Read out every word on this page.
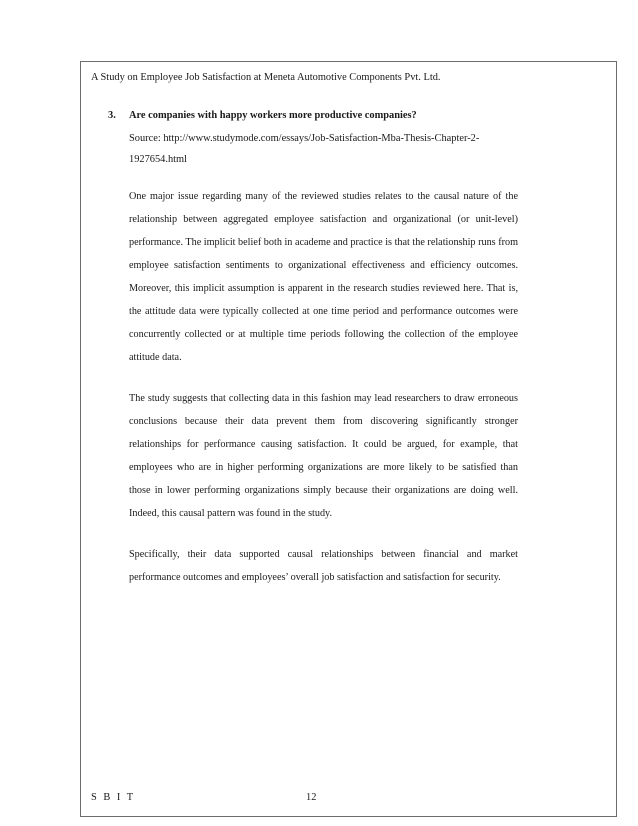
A Study on Employee Job Satisfaction at Meneta Automotive Components Pvt. Ltd.
3.	Are companies with happy workers more productive companies?
Source: http://www.studymode.com/essays/Job-Satisfaction-Mba-Thesis-Chapter-2-1927654.html

One major issue regarding many of the reviewed studies relates to the causal nature of the relationship between aggregated employee satisfaction and organizational (or unit-level) performance. The implicit belief both in academe and practice is that the relationship runs from employee satisfaction sentiments to organizational effectiveness and efficiency outcomes. Moreover, this implicit assumption is apparent in the research studies reviewed here. That is, the attitude data were typically collected at one time period and performance outcomes were concurrently collected or at multiple time periods following the collection of the employee attitude data.

The study suggests that collecting data in this fashion may lead researchers to draw erroneous conclusions because their data prevent them from discovering significantly stronger relationships for performance causing satisfaction. It could be argued, for example, that employees who are in higher performing organizations are more likely to be satisfied than those in lower performing organizations simply because their organizations are doing well. Indeed, this causal pattern was found in the study.

Specifically, their data supported causal relationships between financial and market performance outcomes and employees’ overall job satisfaction and satisfaction for security.

S B I T	12
